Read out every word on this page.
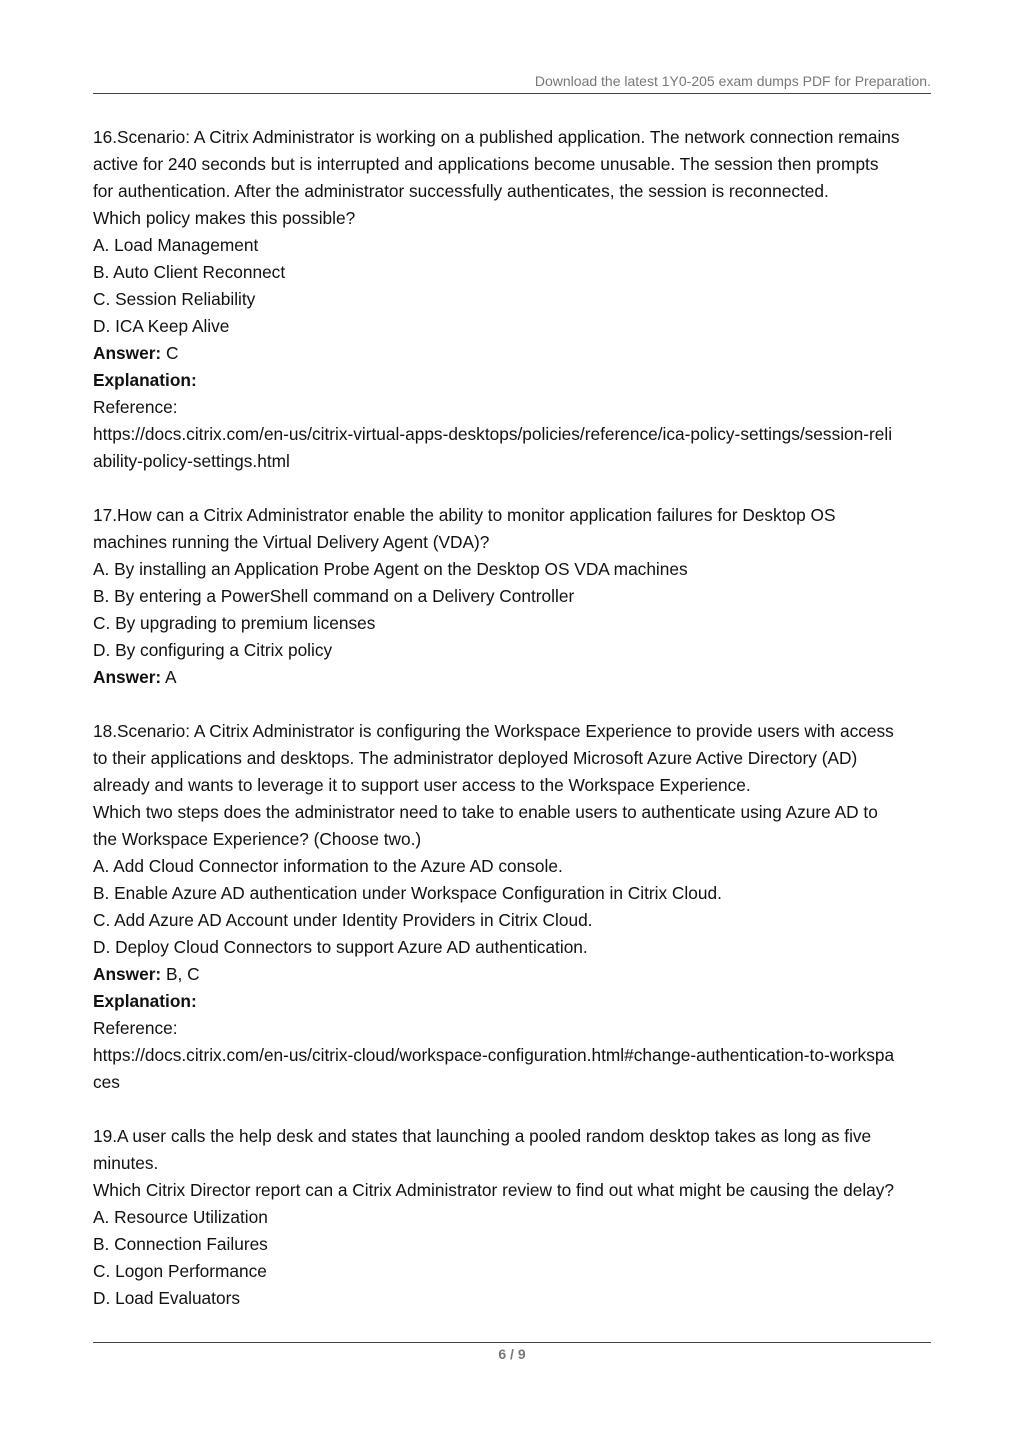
Download the latest 1Y0-205 exam dumps PDF for Preparation.
16.Scenario: A Citrix Administrator is working on a published application. The network connection remains
active for 240 seconds but is interrupted and applications become unusable. The session then prompts
for authentication. After the administrator successfully authenticates, the session is reconnected.
Which policy makes this possible?
A. Load Management
B. Auto Client Reconnect
C. Session Reliability
D. ICA Keep Alive
Answer: C
Explanation:
Reference:
https://docs.citrix.com/en-us/citrix-virtual-apps-desktops/policies/reference/ica-policy-settings/session-reli
ability-policy-settings.html
17.How can a Citrix Administrator enable the ability to monitor application failures for Desktop OS
machines running the Virtual Delivery Agent (VDA)?
A. By installing an Application Probe Agent on the Desktop OS VDA machines
B. By entering a PowerShell command on a Delivery Controller
C. By upgrading to premium licenses
D. By configuring a Citrix policy
Answer: A
18.Scenario: A Citrix Administrator is configuring the Workspace Experience to provide users with access
to their applications and desktops. The administrator deployed Microsoft Azure Active Directory (AD)
already and wants to leverage it to support user access to the Workspace Experience.
Which two steps does the administrator need to take to enable users to authenticate using Azure AD to
the Workspace Experience? (Choose two.)
A. Add Cloud Connector information to the Azure AD console.
B. Enable Azure AD authentication under Workspace Configuration in Citrix Cloud.
C. Add Azure AD Account under Identity Providers in Citrix Cloud.
D. Deploy Cloud Connectors to support Azure AD authentication.
Answer: B, C
Explanation:
Reference:
https://docs.citrix.com/en-us/citrix-cloud/workspace-configuration.html#change-authentication-to-workspa
ces
19.A user calls the help desk and states that launching a pooled random desktop takes as long as five
minutes.
Which Citrix Director report can a Citrix Administrator review to find out what might be causing the delay?
A. Resource Utilization
B. Connection Failures
C. Logon Performance
D. Load Evaluators
6 / 9
